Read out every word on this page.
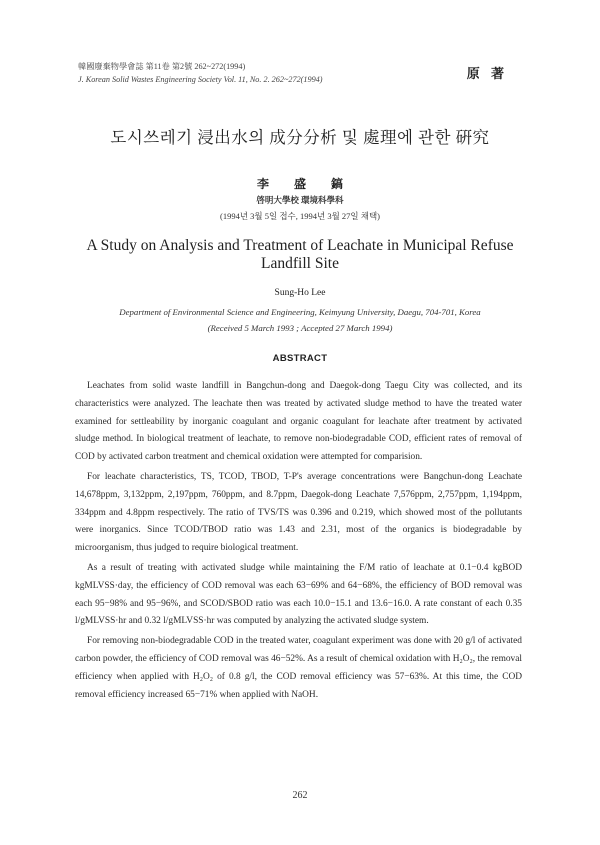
韓國廢棄物學會誌 第11卷 第2號 262~272(1994)
J. Korean Solid Wastes Engineering Society Vol. 11, No. 2. 262~272(1994)	原 著
도시쓰레기 浸出水의 成分分析 및 處理에 관한 硏究
李 盛 鎬
啓明大學校 環境科學科
(1994년 3월 5일 접수, 1994년 3월 27일 채택)
A Study on Analysis and Treatment of Leachate in Municipal Refuse Landfill Site
Sung-Ho Lee
Department of Environmental Science and Engineering, Keimyung University, Daegu, 704-701, Korea
(Received 5 March 1993 ; Accepted 27 March 1994)
ABSTRACT

Leachates from solid waste landfill in Bangchun-dong and Daegok-dong Taegu City was collected, and its characteristics were analyzed. The leachate then was treated by activated sludge method to have the treated water examined for settleability by inorganic coagulant and organic coagulant for leachate after treatment by activated sludge method. In biological treatment of leachate, to remove non-biodegradable COD, efficient rates of removal of COD by activated carbon treatment and chemical oxidation were attempted for comparision.

For leachate characteristics, TS, TCOD, TBOD, T-P's average concentrations were Bangchun-dong Leachate 14,678ppm, 3,132ppm, 2,197ppm, 760ppm, and 8.7ppm, Daegok-dong Leachate 7,576ppm, 2,757ppm, 1,194ppm, 334ppm and 4.8ppm respectively. The ratio of TVS/TS was 0.396 and 0.219, which showed most of the pollutants were inorganics. Since TCOD/TBOD ratio was 1.43 and 2.31, most of the organics is biodegradable by microorganism, thus judged to require biological treatment.

As a result of treating with activated sludge while maintaining the F/M ratio of leachate at 0.1−0.4 kgBOD kgMLVSS·day, the efficiency of COD removal was each 63−69% and 64−68%, the efficiency of BOD removal was each 95−98% and 95−96%, and SCOD/SBOD ratio was each 10.0−15.1 and 13.6−16.0. A rate constant of each 0.35 l/gMLVSS·hr and 0.32 l/gMLVSS·hr was computed by analyzing the activated sludge system.

For removing non-biodegradable COD in the treated water, coagulant experiment was done with 20 g/l of activated carbon powder, the efficiency of COD removal was 46−52%. As a result of chemical oxidation with H₂O₂, the removal efficiency when applied with H₂O₂ of 0.8 g/l, the COD removal efficiency was 57−63%. At this time, the COD removal efficiency increased 65−71% when applied with NaOH.

262
